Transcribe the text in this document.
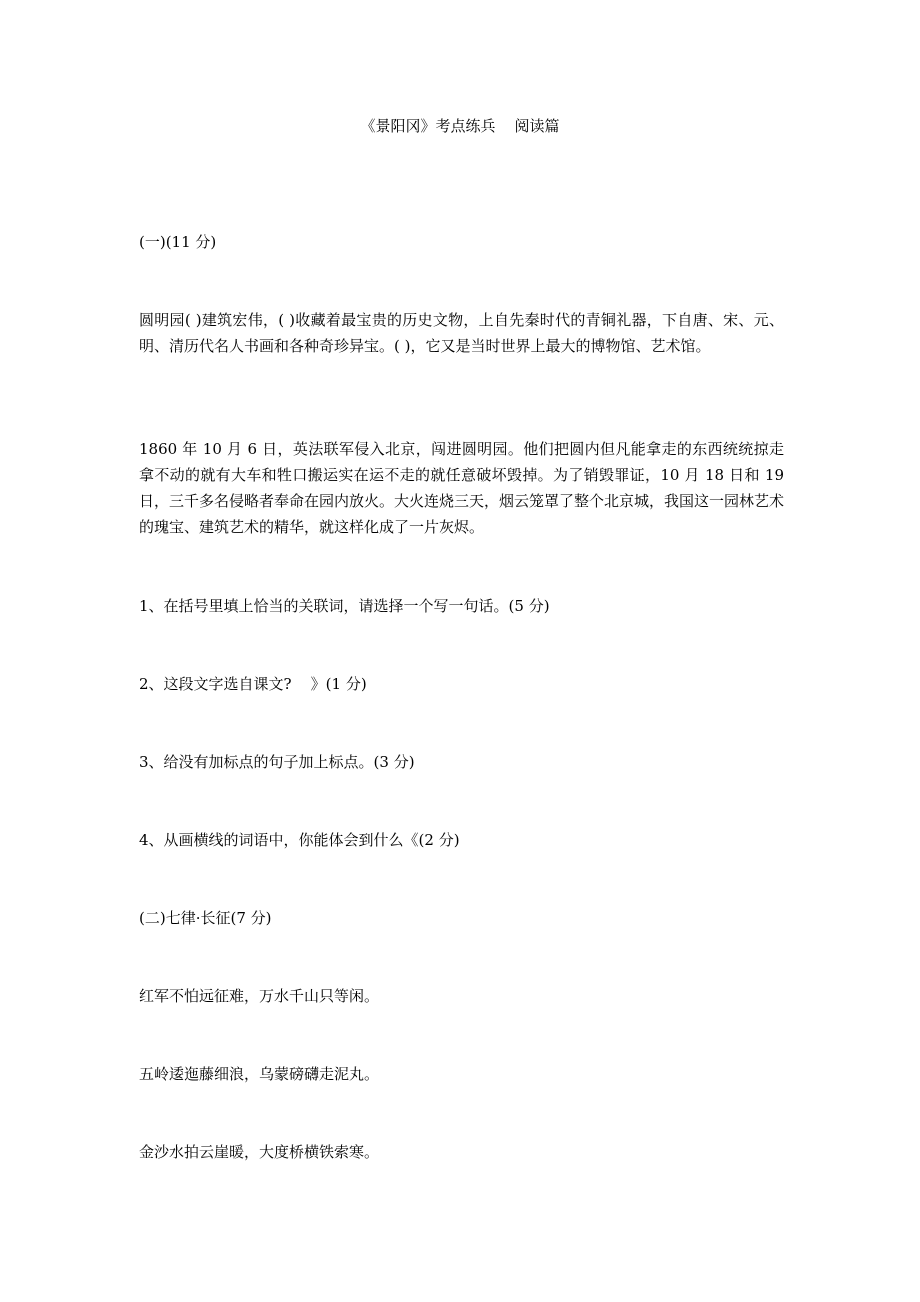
《景阳冈》考点练兵    阅读篇
(一)(11 分)
圆明园( )建筑宏伟，( )收藏着最宝贵的历史文物，上自先秦时代的青铜礼器，下自唐、宋、元、明、清历代名人书画和各种奇珍异宝。( )，它又是当时世界上最大的博物馆、艺术馆。
1860 年 10 月 6 日，英法联军侵入北京，闯进圆明园。他们把圆内但凡能拿走的东西统统掠走拿不动的就有大车和牲口搬运实在运不走的就任意破坏毁掉。为了销毁罪证，10 月 18 日和 19 日，三千多名侵略者奉命在园内放火。大火连烧三天，烟云笼罩了整个北京城，我国这一园林艺术的瑰宝、建筑艺术的精华，就这样化成了一片灰烬。
1、在括号里填上恰当的关联词，请选择一个写一句话。(5 分)
2、这段文字选自课文?    》(1 分)
3、给没有加标点的句子加上标点。(3 分)
4、从画横线的词语中，你能体会到什么《(2 分)
(二)七律·长征(7 分)
红军不怕远征难，万水千山只等闲。
五岭逶迤藤细浪，乌蒙磅礴走泥丸。
金沙水拍云崖暖，大度桥横铁索寒。
